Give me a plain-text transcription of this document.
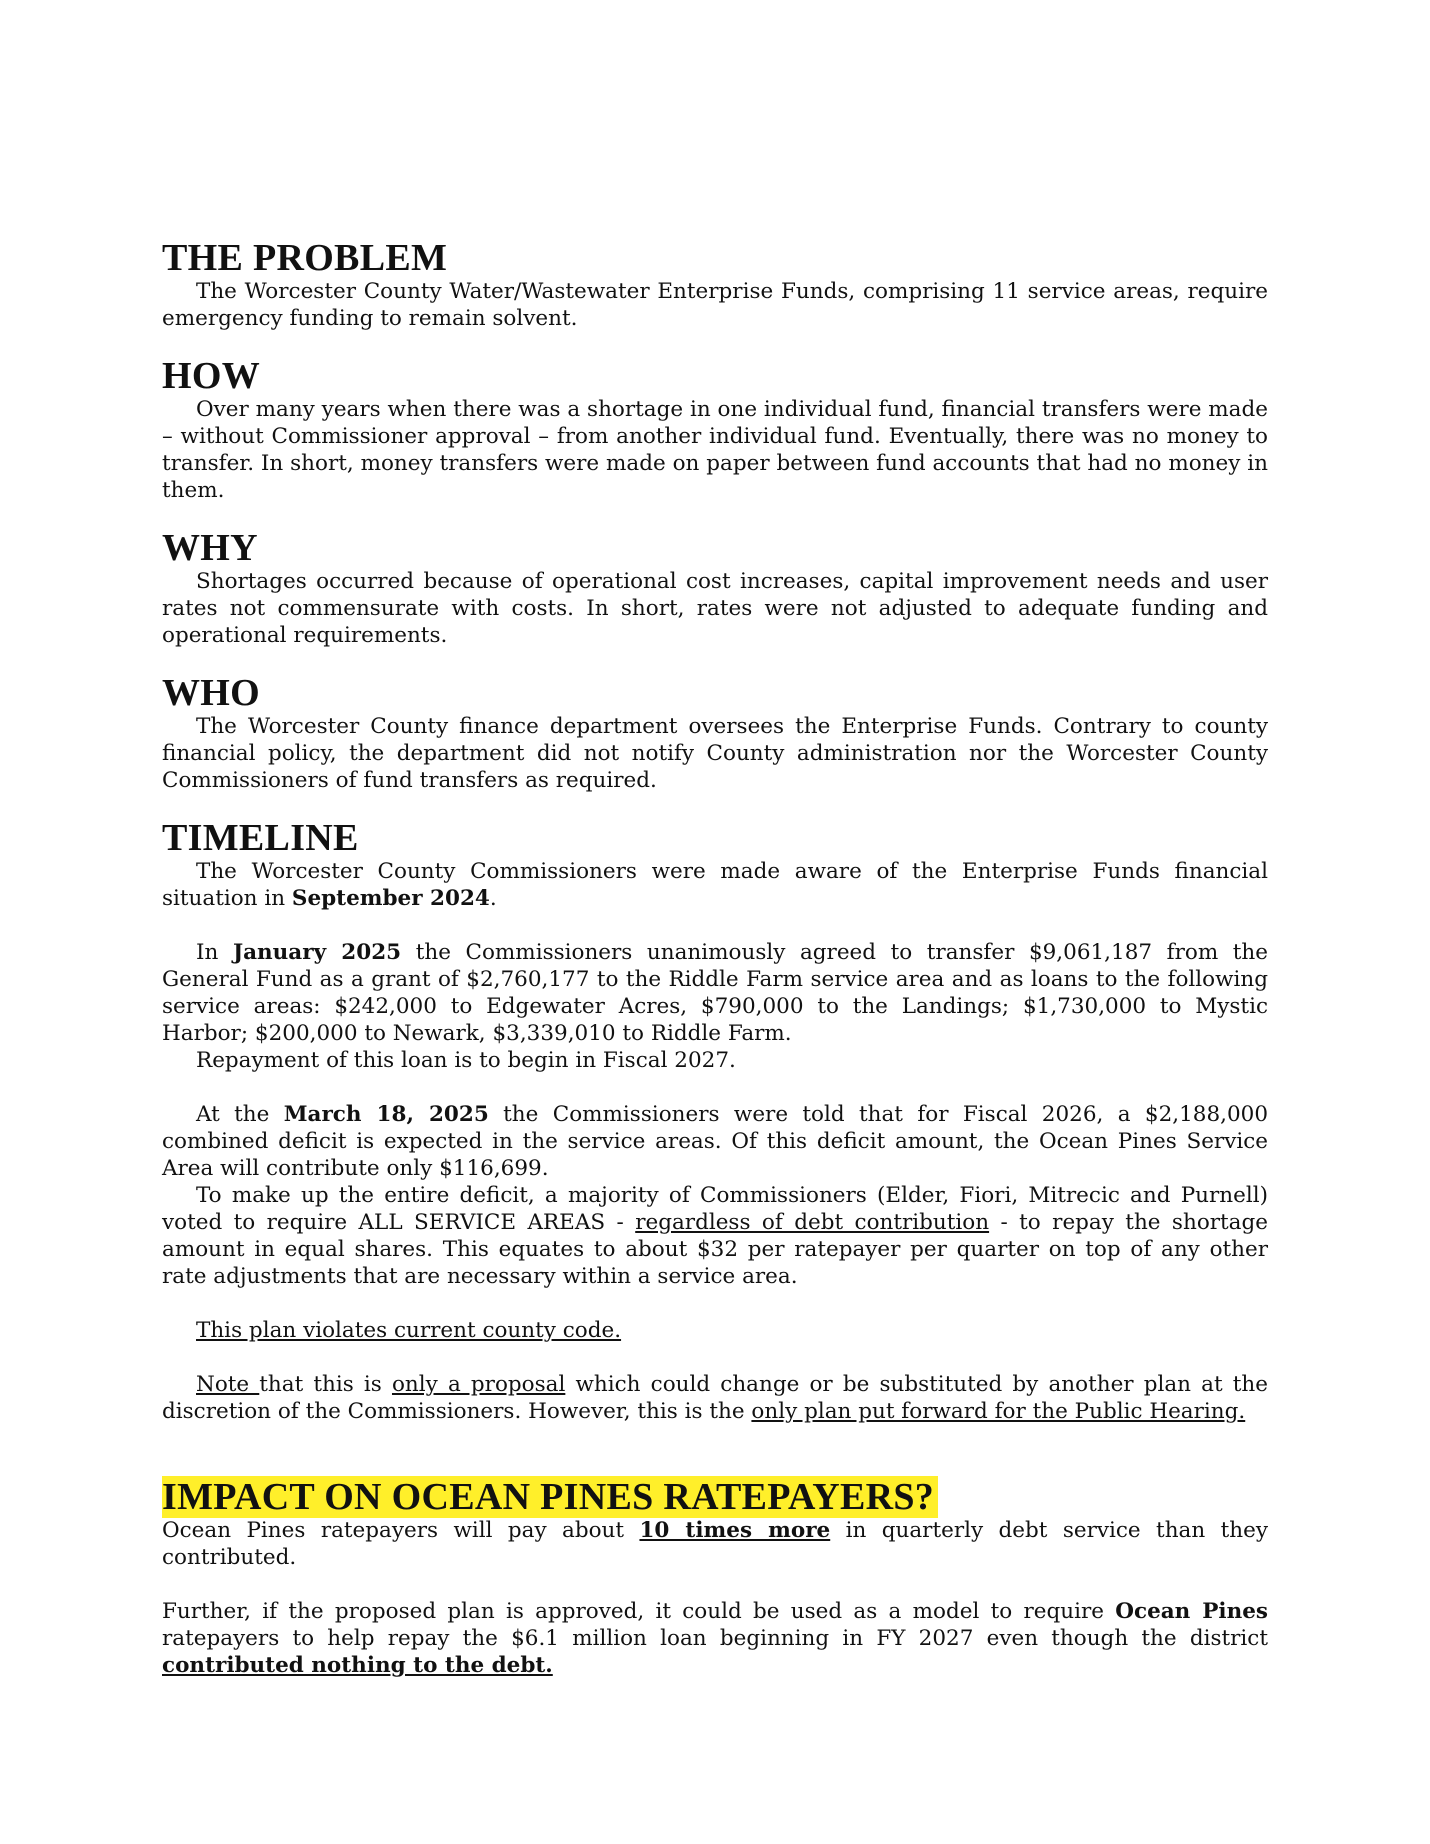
THE PROBLEM

The Worcester County Water/Wastewater Enterprise Funds, comprising 11 service areas, require emergency funding to remain solvent.

HOW

Over many years when there was a shortage in one individual fund, financial transfers were made – without Commissioner approval – from another individual fund. Eventually, there was no money to transfer. In short, money transfers were made on paper between fund accounts that had no money in them.

WHY

Shortages occurred because of operational cost increases, capital improvement needs and user rates not commensurate with costs. In short, rates were not adjusted to adequate funding and operational requirements.

WHO

The Worcester County finance department oversees the Enterprise Funds. Contrary to county financial policy, the department did not notify County administration nor the Worcester County Commissioners of fund transfers as required.

TIMELINE

The Worcester County Commissioners were made aware of the Enterprise Funds financial situation in September 2024.

In January 2025 the Commissioners unanimously agreed to transfer $9,061,187 from the General Fund as a grant of $2,760,177 to the Riddle Farm service area and as loans to the following service areas: $242,000 to Edgewater Acres, $790,000 to the Landings; $1,730,000 to Mystic Harbor; $200,000 to Newark, $3,339,010 to Riddle Farm.

Repayment of this loan is to begin in Fiscal 2027.

At the March 18, 2025 the Commissioners were told that for Fiscal 2026, a $2,188,000 combined deficit is expected in the service areas. Of this deficit amount, the Ocean Pines Service Area will contribute only $116,699.

To make up the entire deficit, a majority of Commissioners (Elder, Fiori, Mitrecic and Purnell) voted to require ALL SERVICE AREAS - regardless of debt contribution - to repay the shortage amount in equal shares. This equates to about $32 per ratepayer per quarter on top of any other rate adjustments that are necessary within a service area.

This plan violates current county code.

Note that this is only a proposal which could change or be substituted by another plan at the discretion of the Commissioners. However, this is the only plan put forward for the Public Hearing.

IMPACT ON OCEAN PINES RATEPAYERS?

Ocean Pines ratepayers will pay about 10 times more in quarterly debt service than they contributed.

Further, if the proposed plan is approved, it could be used as a model to require Ocean Pines ratepayers to help repay the $6.1 million loan beginning in FY 2027 even though the district contributed nothing to the debt.
